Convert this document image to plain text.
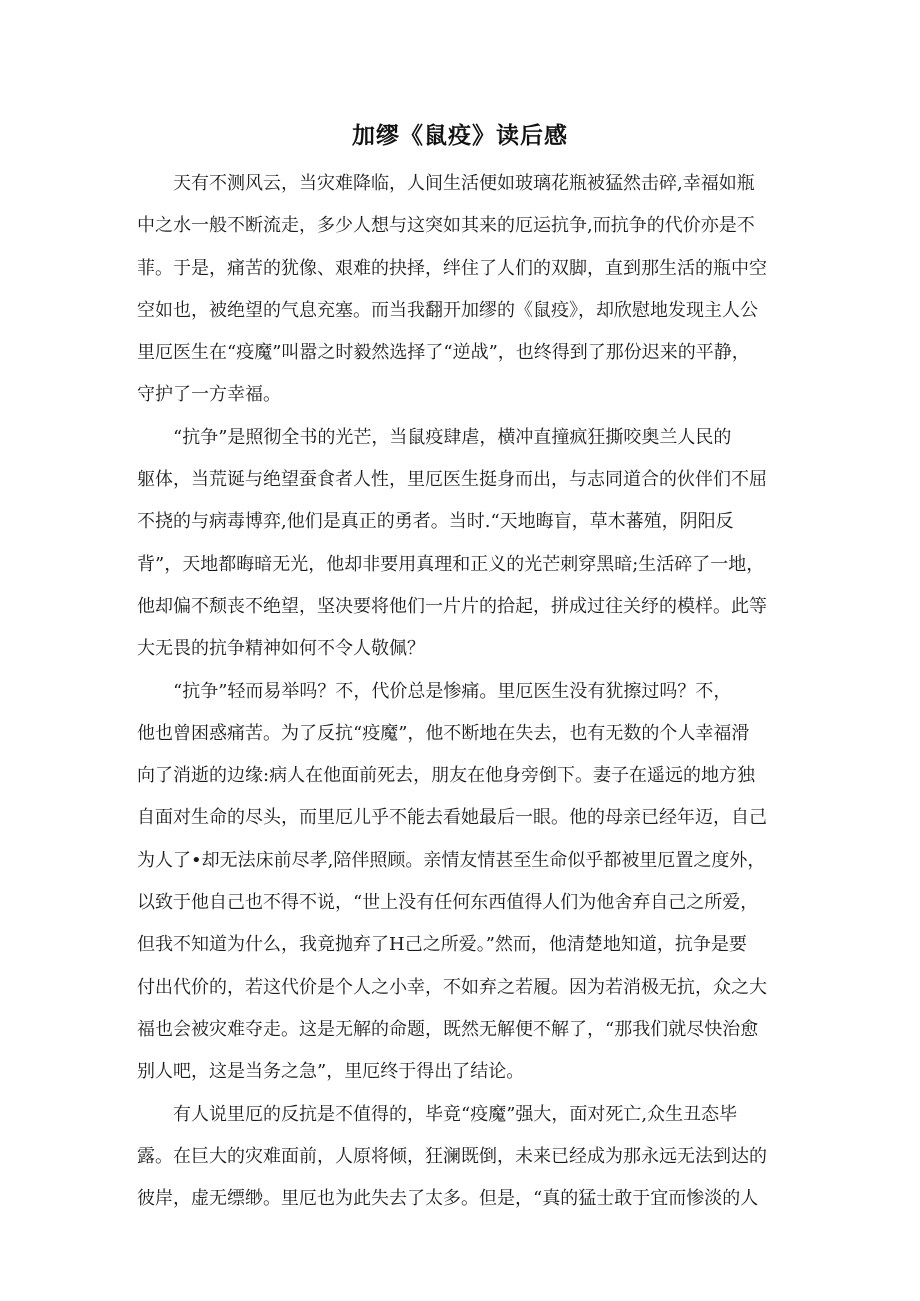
加缪《鼠疫》读后感

天有不测风云，当灾难降临，人间生活便如玻璃花瓶被猛然击碎,幸福如瓶
中之水一般不断流走，多少人想与这突如其来的厄运抗争,而抗争的代价亦是不
菲。于是，痛苦的犹像、艰难的抉择，绊住了人们的双脚，直到那生活的瓶中空
空如也，被绝望的气息充塞。而当我翻开加缪的《鼠疫》，却欣慰地发现主人公
里厄医生在“疫魔”叫嚣之时毅然选择了“逆战”，也终得到了那份迟来的平静，
守护了一方幸福。

“抗争”是照彻全书的光芒，当鼠疫肆虐，横冲直撞疯狂撕咬奥兰人民的
躯体，当荒诞与绝望蚕食者人性，里厄医生挺身而出，与志同道合的伙伴们不屈
不挠的与病毒博弈,他们是真正的勇者。当时.“天地晦盲，草木蕃殖，阴阳反
背”，天地都晦暗无光，他却非要用真理和正义的光芒刺穿黑暗;生活碎了一地，
他却偏不颓丧不绝望，坚决要将他们一片片的拾起，拼成过往关纾的模样。此等
大无畏的抗争精神如何不令人敬佩？

“抗争”轻而易举吗？不，代价总是惨痛。里厄医生没有犹擦过吗？不，
他也曾困惑痛苦。为了反抗“疫魔”，他不断地在失去，也有无数的个人幸福滑
向了消逝的边缘:病人在他面前死去，朋友在他身旁倒下。妻子在遥远的地方独
自面对生命的尽头，而里厄儿乎不能去看她最后一眼。他的母亲已经年迈，自己
为人了•却无法床前尽孝,陪伴照顾。亲情友情甚至生命似乎都被里厄置之度外，
以致于他自己也不得不说，“世上没有任何东西值得人们为他舍弃自己之所爱，
但我不知道为什么，我竟抛弃了H己之所爱。”然而，他清楚地知道，抗争是要
付出代价的，若这代价是个人之小幸，不如弃之若履。因为若消极无抗，众之大
福也会被灾难夺走。这是无解的命题，既然无解便不解了，“那我们就尽快治愈
别人吧，这是当务之急”，里厄终于得出了结论。

有人说里厄的反抗是不值得的，毕竟“疫魔”强大，面对死亡,众生丑态毕
露。在巨大的灾难面前，人原将倾，狂澜既倒，未来已经成为那永远无法到达的
彼岸，虚无缥缈。里厄也为此失去了太多。但是，“真的猛士敢于宜而惨淡的人
